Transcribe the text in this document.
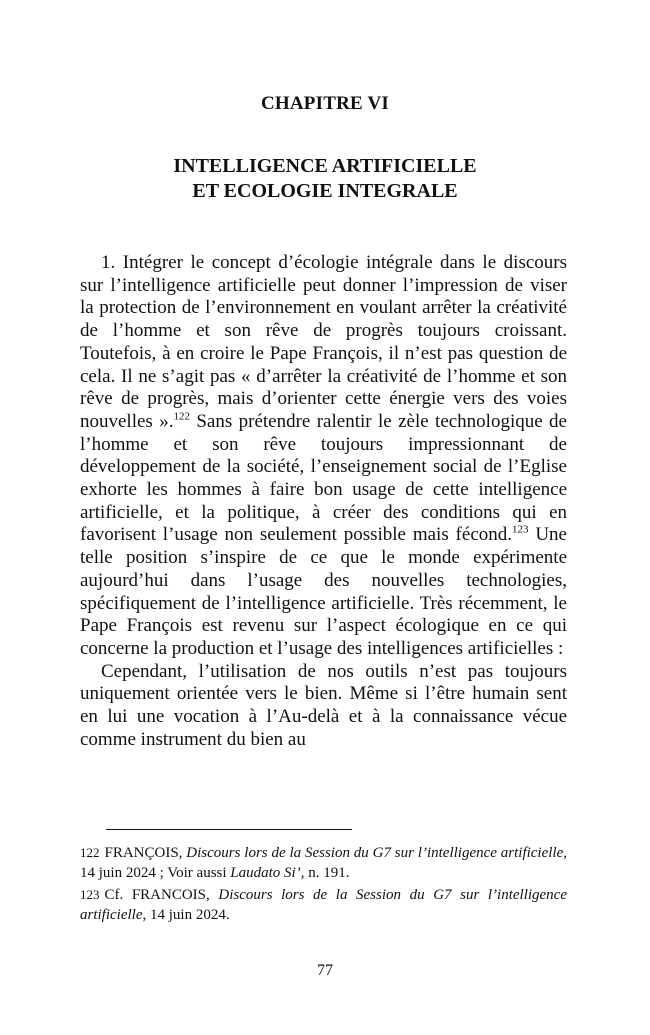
CHAPITRE VI
INTELLIGENCE ARTIFICIELLE
ET ECOLOGIE INTEGRALE

1. Intégrer le concept d’écologie intégrale dans le discours sur l’intelligence artificielle peut donner l’impression de viser la protection de l’environnement en voulant arrêter la créativité de l’homme et son rêve de progrès toujours croissant. Toutefois, à en croire le Pape François, il n’est pas question de cela. Il ne s’agit pas « d’arrêter la créativité de l’homme et son rêve de progrès, mais d’orienter cette énergie vers des voies nouvelles ».$^{122}$ Sans prétendre ralentir le zèle technologique de l’homme et son rêve toujours impressionnant de développement de la société, l’enseignement social de l’Eglise exhorte les hommes à faire bon usage de cette intelligence artificielle, et la politique, à créer des conditions qui en favorisent l’usage non seulement possible mais fécond.$^{123}$ Une telle position s’inspire de ce que le monde expérimente aujourd’hui dans l’usage des nouvelles technologies, spécifiquement de l’intelligence artificielle. Très récemment, le Pape François est revenu sur l’aspect écologique en ce qui concerne la production et l’usage des intelligences artificielles :

Cependant, l’utilisation de nos outils n’est pas toujours uniquement orientée vers le bien. Même si l’être humain sent en lui une vocation à l’Au-delà et à la connaissance vécue comme instrument du bien au

122 FRANÇOIS, Discours lors de la Session du G7 sur l’intelligence artificielle, 14 juin 2024 ; Voir aussi Laudato Si’, n. 191.

123 Cf. FRANCOIS, Discours lors de la Session du G7 sur l’intelligence artificielle, 14 juin 2024.

77
